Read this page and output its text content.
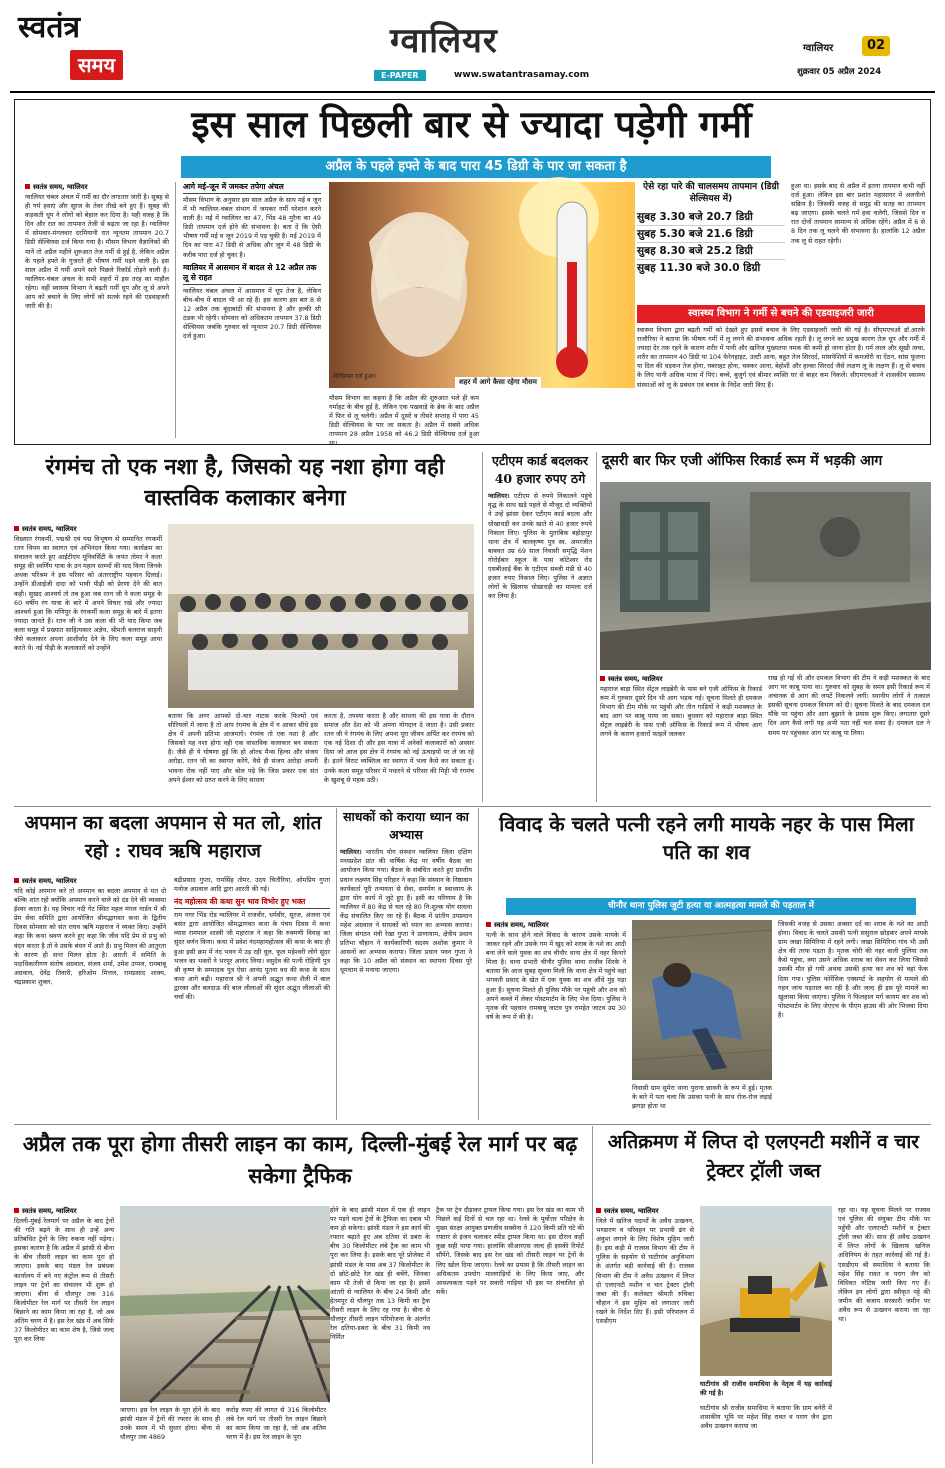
स्वतंत्र
समय
ग्वालियर
E-PAPER	www.swatantrasamay.com
ग्वालियर	02
शुक्रवार 05 अप्रैल 2024
इस साल पिछली बार से ज्यादा पड़ेगी गर्मी
अप्रैल के पहले हफ्ते के बाद पारा 45 डिग्री के पार जा सकता है
स्वतंत्र समय, ग्वालियर
ग्वालियर चंबल अंचल में गर्मी का दौर लगातार जारी है। सुबह से ही गर्म हवाएं और सूरज के तेवर तीखे बने हुए हैं। सुबह की कड़कती धूप ने लोगों को बेहाल कर दिया है। यही वजह है कि दिन और रात का तापमान तेजी से बढ़ता जा रहा है। ग्वालियर में सोमवार-मंगलवार दरमियानी रात न्यूनतम तापमान 20.7 डिग्री सेल्सियस दर्ज किया गया है। मौसम विभाग वैज्ञानिकों की मानें तो अप्रैल महीने शुरुआत तेज गर्मी से हुई है, लेकिन अप्रैल के पहले हफ्ते के गुजरते ही भीषण गर्मी पड़ने वाली है। इस साल अप्रैल में गर्मी अपने सारे पिछले रिकॉर्ड तोड़ने वाली है। ग्वालियर-चंबल अंचल के सभी शहरों में इस तरह का माहौल रहेगा। वहीं स्वास्थ्य विभाग ने बढ़ती गर्मी धूप और लू से अपने आप को बचाने के लिए लोगों को सतर्क रहने की एडवाइजरी जारी की है।
आगे मई-जून में जमकर तपेगा अंचल
मौसम विभाग के अनुसार इस साल अप्रैल के साथ मई व जून में भी ग्वालियर-चंबल संभाग में जमकर गर्मी परेशान करने वाली है। मई में ग्वालियर का 47, भिंड 48 मुरैना का 49 डिग्री तापमान दर्ज होने की संभावना है। बता दें कि ऐसी भीषण गर्मी मई व जून 2019 में पड़ चुकी है। मई 2019 में दिन का पारा 47 डिग्री से अधिक और जून में 48 डिग्री के करीब पारा दर्ज हो चुका है।
ग्वालियर में आसमान में बादल से 12 अप्रैल तक लू से राहत
ग्वालियर चंबल अंचल में आसमान में धूप तेज है, लेकिन बीच-बीच में बादल भी आ रहे हैं। इस कारण इस बार 8 से 12 अप्रैल तक बूंदाबांदी की संभावना है और हल्की सी ठंडक भी रहेगी। सोमवार को अधिकतम तापमान 37.8 डिग्री सेल्सियस जबकि गुरुवार को न्यूनतम 20.7 डिग्री सेल्सियस दर्ज हुआ।
शहर में आगे कैसा रहेगा मौसम
सेल्सियस दर्ज हुआ।
मौसम विभाग का कहना है कि अप्रैल की शुरुआत भले ही कम गर्माहट के बीच हुई है, लेकिन एक पखवाड़े के ब्रेक के बाद अप्रैल में फिर से लू चलेगी। अप्रैल में दूसरे व तीसरे सप्ताह में पारा 45 डिग्री सेल्सियस के पार जा सकता है। अप्रैल में सबसे अधिक तापमान 28 अप्रैल 1958 को 46.2 डिग्री सेल्सियस दर्ज हुआ था।
ऐसे रहा पारे की चालसमय तापमान (डिग्री सेल्सियस में)
सुबह 3.30 बजे 20.7 डिग्री
सुबह 5.30 बजे 21.6 डिग्री
सुबह 8.30 बजे 25.2 डिग्री
सुबह 11.30 बजे 30.0 डिग्री
हुआ था। इसके बाद से अप्रैल में इतना तापमान कभी नहीं दर्ज हुआ। लेकिन इस बार प्रशांत महासागर में अलनीनो सक्रिय है। जिसकी वजह से समुद्र की सतह का तापमान बढ़ जाएगा। इसके चलते गर्म हवा चलेगी, जिससे दिन व रात दोनों तापमान सामान्य से अधिक रहेंगे। अप्रैल में 6 से 8 दिन तक लू चलने की संभावना है। हालांकि 12 अप्रैल तक लू से राहत रहेगी।
स्वास्थ्य विभाग ने गर्मी से बचने की एडवाइजरी जारी
स्वास्थ्य विभाग द्वारा बढ़ती गर्मी को देखते हुए इससे बचाव के लिए एडवाइजरी जारी की गई है। सीएमएचओ डॉ.आरके राजौरिया ने बताया कि भीषण गर्मी में लू लगने की संभावना अधिक रहती है। लू लगने का प्रमुख कारण तेज धूप और गर्मी में ज्यादा देर तक रहने के कारण शरीर में पानी और खनिज मुख्यतया नमक की कमी हो जाना होता है। गर्म लाल और सूखी त्वचा, शरीर का तापमान 40 डिग्री या 104 फेरेनहाइट, उल्टी आना, बहुत तेज सिरदर्द, मांसपेशियों में कमजोरी या ऐंठन, सांस फूलना या दिल की धड़कन तेज होना, घबराहट होना, चक्कर आना, बेहोशी और हल्का सिरदर्द जैसे लक्षण लू के लक्षण हैं। लू से बचाव के लिए पानी अधिक मात्रा में पिएं। बच्चे, बुजुर्ग एवं बीमार व्यक्ति घर से बाहर कम निकलें। सीएमएचओ ने शासकीय स्वास्थ्य संस्थाओं को लू के प्रबंधन एवं बचाव के निर्देश जारी किए हैं।
रंगमंच तो एक नशा है, जिसको यह नशा होगा वही वास्तविक कलाकार बनेगा
स्वतंत्र समय, ग्वालियर
विख्यात रंगकर्मी, पद्मश्री एवं पद्म विभूषण से सम्मानित रंगकर्मी रतन थियम का स्वागत एवं अभिनंदन किया गया। कार्यक्रम का संचालन करते हुए आईटीएम यूनिवर्सिटी के जयंत तोमर ने कला समूह की स्वर्णिम यात्रा के उन महान स्तम्भों की याद किया जिनके अथक परिश्रम ने इस परिसर को अंतरराष्ट्रीय पहचान दिलाई। उन्होंने डीआईजी दादा को भावी पीढ़ी को प्रेरणा देने की बात कही। सुखद आश्चर्य तो तब हुआ जब रतन जी ने कला समूह के 60 वर्षीय रंग यात्रा के बारे में अपने विचार रखे और ज्यादा आश्चर्य हुआ कि मणिपुर के रंगकर्मी कला समूह के बारे में इतना ज्यादा जानते हैं। रतन जी ने उस कला की भी याद किया जब कला समूह में प्रख्यात साहित्यकार अज्ञेय, श्रीमती बलराज साहनी जैसे कलाकार अपना आशीर्वाद देने के लिए कला समूह आया करते थे। नई पीढ़ी के कलाकारों को उन्होंने
बताया कि अगर आपको दो-चार नाटक करके फिल्मों एवं सीरियलों में जाना है तो आप रंगमंच के क्षेत्र में न आकर सीधे इस क्षेत्र में अपनी प्रतिभा आजमाएँ। रंगमंच तो एक नशा है और जिसको यह नशा होगा वही एक वास्तविक कलाकार बन सकता है। जैसे ही ये घोषणा हुई कि हो ओल्ड मैन्स हिल्स और संजय अरोड़ा, रतन जी का स्वागत करेंगे, वैसे ही संजय अरोड़ा अपनी भावना रोक नहीं पाए और बोल पड़े कि जिस प्रकार एक संत अपने ईश्वर को प्राप्त करने के लिए साधना
करता है, तपस्या करता है और साधना की इस यात्रा के दौरान समाज और देश को भी अपना योगदान दे जाता है। उसी प्रकार रतन जी ने रंगमंच के लिए अपना पूरा जीवन अर्पित कर रंगमंच को एक नई दिशा दी और इस यात्रा में अनेकों कलाकारों को अवसर दिया जो आज इस क्षेत्र में रंगमंच को नई ऊंचाइयों पर ले जा रहे हैं। इतने विराट व्यक्तित्व का स्वागत में भला कैसे कर सकता हूं। उनके कला समूह परिसर में पधारने से परिसर की मिट्टी भी रंगमंच के खुशबू से महक उठी।
एटीएम कार्ड बदलकर 40 हजार रुपए ठगे
ग्वालियर। एटीएम से रुपये निकालने पहुंचे वृद्ध के साथ खड़े पहले से मौजूद दो व्यक्तियों ने उन्हें झांसा देकर एटीएम कार्ड बदला और धोखाधड़ी कर उनके खाते से 40 हजार रुपये निकाल लिए। पुलिस के मुताबिक बहोड़ापुर थाना क्षेत्र में बालकृष्ण पुत्र स्व. अमरजीत बाबवत उम्र 69 साल निवासी समृद्धि मेंशन गोरोईबार स्कूल के पास कोटेश्वर रोड एसबीआई बैंक के एटीएम सब्जी मंडी से 40 हजार रुपए निकाल लिए। पुलिस ने अज्ञात लोगों के खिलाफ धोखाधड़ी का मामला दर्ज कर लिया है।
दूसरी बार फिर एजी ऑफिस रिकार्ड रूम में भड़की आग
स्वतंत्र समय, ग्वालियर
महाराज बाड़ा स्थित सेंट्रल लाइब्रेरी के पास बने एजी ऑफिस के रिकार्ड रूम में गुरुवार दूसरे दिन भी आग भड़क गई। सूचना मिलते ही दमकल विभाग की टीम मौके पर पहुंची और तीन गाड़ियों ने कड़ी मशक्कत के बाद आग पर काबू पाया जा सका। बुधवार को महाराज बाड़ा स्थित सेंट्रल लाइब्रेरी के पास एजी ऑफिस के रिकार्ड रूम में भीषण आग लगने के कारण हजारों फाइलें जलकर
राख हो गई थी और दमकल विभाग की टीम ने कड़ी मशक्कत के बाद आग पर काबू पाया था। गुरुवार को सुबह के समय इसी रिकार्ड रूम में अचानक से आग की लपटें निकलने लगीं। स्थानीय लोगों ने तत्काल इसकी सूचना दमकल विभाग को दी। सूचना मिलते के बाद दमकल दल मौके पर पहुंचा और आग बुझाने के प्रयास शुरू किए। लगातार दूसरे दिन आग कैसे लगी यह अभी पता नहीं चल सका है। दमकल दल ने समय पर पहुंचकर आग पर काबू पा लिया।
अपमान का बदला अपमान से मत लो, शांत रहो : राघव ऋषि महाराज
स्वतंत्र समय, ग्वालियर
यदि कोई अपमान करे तो अपमान का बदला अपमान से मत दो बल्कि शांत रहो क्योंकि अपमान करने वाले को दंड देने की व्यवस्था ईश्वर करता है। यह विचार नदी गेट स्थित महल मंगल गार्डन में श्री प्रेम सेवा समिति द्वारा आयोजित श्रीमद्भागवत कथा के द्वितीय दिवस सोमवार को संत राघव ऋषि महाराज ने व्यक्त किए। उन्होंने कहा कि कथा श्रवण करने हुए कहा कि जीव यदि प्रेम से प्रभु को वंदन करता है तो वे उसके बंधन में आते हैं। प्रभु मिलन की आतुरता के कारण ही सन्त मिलन होता है। आरती में समिति के पदाधिकारीगण संतोष अग्रवाल, संजय शर्मा, उमेश उप्पल, रामबाबू अग्रवाल, देवेंद्र तिवारी, हरिओम मित्तल, रामप्रसाद शाक्य, चंद्रप्रकाश शुक्ल,
बद्रीप्रसाद गुप्ता, रामसिंह तोमर, उदय चितौरिया, ओमप्रिय गुप्ता मनोज अग्रवाल आदि द्वारा आरती की गई।
नंद महोत्सव की कथा सुन भाव विभोर हुए भक्त
राम नगर भिंड रोड ग्वालियर में राजवीर, धर्मवीर, सूरज, अंजना एवं बसंत द्वारा आयोजित श्रीमद्भागवत कथा के पंचम दिवस में कथा व्यास रामपाल शास्त्री जी महाराज ने कहा कि रुक्मणी विवाह का सुंदर वर्णन किया। कथा में प्रवेश नंदमहामहोत्सव की कथा के बाद ही हुआ इसी क्रम में नंद भवन में उड़ रही धूल, फूल महेश्वरी लोगे सुंदर भजन का भक्तों ने भरपूर आनंद लिया। वसुदेव की पत्नी रोहिणी पुत्र श्री कृष्ण के सम्पादक पुत्र ऐसा आनंद पूतना वध की कथा के साथ कथा आगे बढ़ी। महाराज श्री ने अपनी अद्भुत कथा शैली में बाल द्वारका और बलदाऊ की बाल लीलाओं की सुंदर अद्भुत लीलाओं की चर्चा की।
साधकों को कराया ध्यान का अभ्यास
ग्वालियर। भारतीय योग संस्थान ग्वालियर जिला दक्षिण मध्यप्रदेश प्रांत की वार्षिक केंद्र पर वर्षीय बैठक का आयोजन किया गया। बैठक के संबंधित करते हुए प्रान्तीय प्रधान लक्ष्मण सिंह परिहार ने कहा कि संस्थान के निष्ठावान कार्यकर्ता पूरी तन्मयता से सेवा, समर्पण व स्वाध्याय के द्वारा योग कार्य में जुटे हुए हैं। इसी का परिणाम है कि ग्वालियर में 80 केंद्र से चल रहे 80 नि:शुल्क योग साधना केंद्र संचालित किए जा रहे हैं। बैठक में प्रांतीय उपप्रधान महेश अग्रवाल ने साधकों को ध्यान का अभ्यास कराया। जिला संगठन मंत्री रेखा गुप्ता ने प्राणायाम, क्षेत्रीय प्रधान प्रतिभा चौहान ने कार्यकारिणी सदस्य अशोक कुमार ने आसनों का अभ्यास कराया। जिला प्रधान पवन गुप्ता ने कहा कि 10 अप्रैल को संस्थान का स्थापना दिवस पूरे धूमधाम से मनाया जाएगा।
विवाद के चलते पत्नी रहने लगी मायके नहर के पास मिला पति का शव
चीनौर थाना पुलिस जुटी हत्या या आत्महत्या मामले की पड़ताल में
स्वतंत्र समय, ग्वालियर
पत्नी के साथ होने वाले विवाद के कारण उसके मायके में जाकर रहने और उसके गम में खुद को शराब के नशे का आदी बना लेने वाले युवक का शव चीनौर थाना क्षेत्र में नहर किनारे मिला है। थाना प्रभारी चीनौर पुलिस थाना राजीव शिरके ने बताया कि आज सुबह सूचना मिली कि थाना क्षेत्र में पहुंचे वहां भगवती प्रसाद के खेत में एक युवक का शव औंधे मुंह पड़ा हुआ है। सूचना मिलते ही पुलिस मौके पर पहुंची और शव को अपने कब्जे में लेकर पोस्टमार्टम के लिए भेज दिया। पुलिस ने मृतक की पहचान रामबाबू जाटव पुत्र रामहेत जाटव उम्र 30 वर्ष के रूप में की है।
निवासी ग्राम सुमेरा थाना पुराना छावनी के रूप में हुई। मृतक के बारे में पता चला कि उसका पत्नी के साथ रोज-रोज लड़ाई झगड़ा होता था
जिसकी वजह से उसका अक्सर दर्द का शराब के नशे का आदी होना। विवाद के चलते उसकी पत्नी ससुराल छोड़कर अपने मायके ग्राम जखा सिमिरिया में रहने लगी। जखा सिमिरिया गांव भी उसी क्षेत्र की तरफ पड़ता है। मृतक चोरी की नहर वाली पुलिया तक कैसे पहुंचा, क्या उसने अधिक शराब का सेवन कर लिया जिससे उसकी मौत हो गयी अथवा उसकी हत्या कर शव को वहां फेंक दिया गया। पुलिस फोरेंसिक एक्सपर्ट के सहयोग से मामले की गहन जांच पड़ताल कर रही है और जल्द ही इस पूरे मामले का खुलासा किया जाएगा। पुलिस ने फिलहाल मर्ग कायम कर शव को पोस्टमार्टम के लिए जेएएच के पीएम हाउस की ओर भिजवा दिया है।
अप्रैल तक पूरा होगा तीसरी लाइन का काम, दिल्ली-मुंबई रेल मार्ग पर बढ़ सकेगा ट्रैफिक
स्वतंत्र समय, ग्वालियर
दिल्ली-मुंबई रेलमार्ग पर अप्रैल के बाद ट्रेनों की गति बढ़ने के साथ ही उन्हें अन्य प्रतिबंधित ट्रेनों के लिए रुकना नहीं पड़ेगा। इसका कारण है कि अप्रैल में झांसी से बीना के बीच तीसरी लाइन का काम पूरा हो जाएगा। इसके बाद मंडल रेल प्रबंधक कार्यालय में बने नए कंट्रोल रूम से तीसरी लाइन पर ट्रेनों का संचालन भी शुरू हो जाएगा। बीना से धौलपुर तक 316 किलोमीटर रेल मार्ग पर तीसरी रेल लाइन बिछाने का काम किया जा रहा है, जो अब अंतिम चरण में है। इस रेल खंड में अब सिर्फ 37 किलोमीटर का काम शेष है, जिसे जल्द पूरा कर लिया
जाएगा। इस रेल लाइन के पूरा होने के बाद झांसी मंडल में ट्रेनों की रफ्तार के साथ ही उनके समय में भी सुधार होगा। बीना से धौलपुर तक 4869
करोड़ रुपए की लागत से 316 किलोमीटर लंबे रेल मार्ग पर तीसरी रेल लाइन बिछाने का काम किया जा रहा है, जो अब अंतिम चरण में है। इस रेल लाइन के पूरा
होने के बाद झांसी मंडल में एक ही लाइन पर पड़ने वाला ट्रेनों के ट्रैफिक का दबाव भी कम हो सकेगा। झांसी मंडल ने इस कार्य की रफ्तार बढ़ाते हुए अब दतिया से डबरा के बीच 30 किलोमीटर लंबे ट्रैक का काम भी पूरा कर लिया है। इसके बाद पूरे प्रोजेक्ट में झांसी मंडल के पास अब 37 किलोमीटर के दो छोटे-छोटे रेल खंड ही बचेंगे, जिनका काम भी तेजी से किया जा रहा है। इसमें आंतरी से ग्वालियर के बीच 24 किमी और हेतमपुर से धौलपुर तक 13 किमी का ट्रैक तीसरी लाइन के लिए रह गया है। बीना से धौलपुर तीसरी लाइन परियोजना के अंतर्गत रेल दतिया-डबरा के बीच 31 किमी नव निर्मित
ट्रैक पर ट्रेन दौड़ाकर ट्रायल किया गया। इस रेल खंड का काम भी पिछले कई दिनों से चल रहा था। रेलवे के पूर्वोत्तर परिक्षेत्र के मुख्य संरक्षा आयुक्त प्रणजीव सक्सेना ने 120 किमी प्रति घंटे की रफ्तार से इंजन चलाकर स्पीड ट्रायल किया था। इस दौरान कहीं कुछ सही पाया गया। हालांकि सीआरएस जल्द ही इसकी रिपोर्ट सौंपेंगे, जिसके बाद इस रेल खंड को तीसरी लाइन पर ट्रेनों के लिए खोल दिया जाएगा। रेलवे का प्रयास है कि तीसरी लाइन का अधिकतम उपयोग मालगाड़ियों के लिए किया जाए, और आवश्यकता पड़ने पर सवारी गाड़ियां भी इस पर संचालित हो सकें।
अतिक्रमण में लिप्त दो एलएनटी मशीनें व चार ट्रेक्टर ट्रॉली जब्त
स्वतंत्र समय, ग्वालियर
जिले में खनिज पदार्थों के अवैध उत्खनन, भण्डारण व परिवहन पर प्रभावी ढंग से अंकुश लगाने के लिए विशेष मुहिम जारी है। इस कड़ी में राजस्व विभाग की टीम ने पुलिस के सहयोग से घाटीगांव अनुविभाग के अंतर्गत बड़ी कार्रवाई की है। राजस्व विभाग की टीम ने अवैध उत्खनन में लिप्त दो एलएनटी मशीन व चार ट्रेक्टर ट्रॉली जब्त की हैं। कलेक्टर श्रीमती रुचिका चौहान ने इस मुहिम को लगातार जारी रखने के निर्देश दिए हैं। इसी परिपालन में एसडीएम
घाटीगांव श्री राजीव समाधिया के नेतृत्व में यह कार्रवाई की गई है।
घाटीगांव श्री राजीव समाधिया ने बताया कि ग्राम बनेरी में शासकीय भूमि पर महेश सिंह रावत व पराग जैन द्वारा अवैध उत्खनन कराया जा
रहा था। यह सूचना मिलने पर राजस्व एवं पुलिस की संयुक्त टीम मौके पर पहुँची और एलएनटी मशीनें व ट्रेक्टर ट्रॉली जब्त कीं। साथ ही अवैध उत्खनन में लिप्त लोगों के खिलाफ खनिज अधिनियम के तहत कार्रवाई की गई है। एसडीएम श्री समाधिया ने बताया कि महेश सिंह रावत व पराग जैन को विधिवत नोटिस जारी किए गए हैं। लेकिन इन लोगों द्वारा स्वीकृत पट्टे की जमीन की बजाय सरकारी जमीन पर अवैध रूप से उत्खनन कराया जा रहा था।
